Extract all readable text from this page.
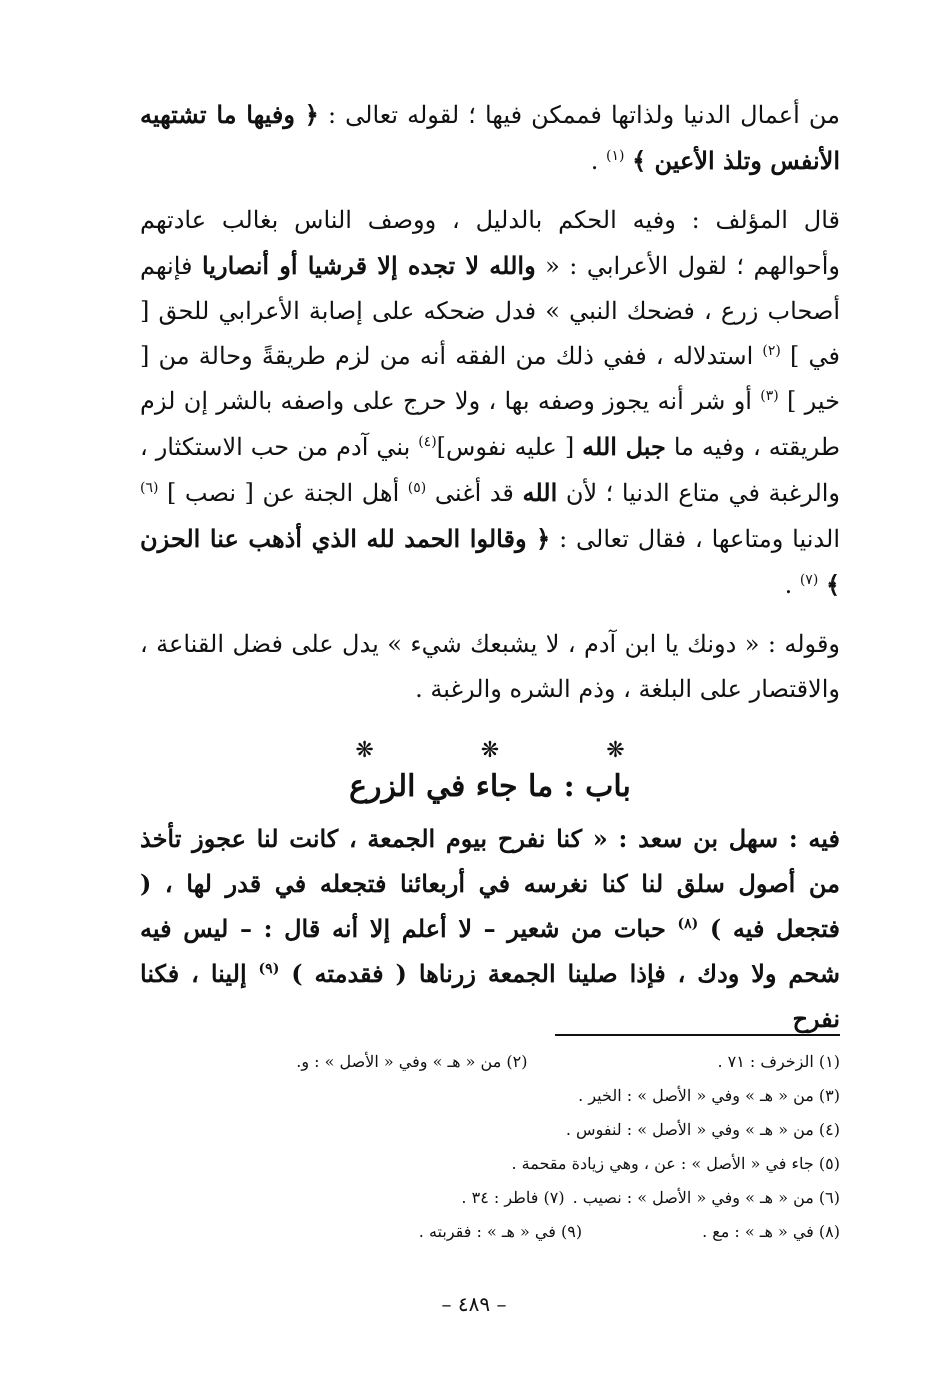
من أعمال الدنيا ولذاتها فممكن فيها ؛ لقوله تعالى : ﴿ وفيها ما تشتهيه الأنفس وتلذ الأعين ﴾ $^{(١)}$ .

قال المؤلف : وفيه الحكم بالدليل ، ووصف الناس بغالب عادتهم وأحوالهم ؛ لقول الأعرابي : « والله لا تجده إلا قرشيا أو أنصاريا فإنهم أصحاب زرع ، فضحك النبي » فدل ضحكه على إصابة الأعرابي للحق [ في ] $^{(٢)}$ استدلاله ، ففي ذلك من الفقه أنه من لزم طريقةً وحالة من [ خير ] $^{(٣)}$ أو شر أنه يجوز وصفه بها ، ولا حرج على واصفه بالشر إن لزم طريقته ، وفيه ما جبل الله [ عليه نفوس]$^{(٤)}$ بني آدم من حب الاستكثار ، والرغبة في متاع الدنيا ؛ لأن الله قد أغنى $^{(٥)}$ أهل الجنة عن [ نصب ] $^{(٦)}$ الدنيا ومتاعها ، فقال تعالى : ﴿ وقالوا الحمد لله الذي أذهب عنا الحزن ﴾ $^{(٧)}$ .

وقوله : « دونك يا ابن آدم ، لا يشبعك شيء » يدل على فضل القناعة ، والاقتصار على البلغة ، وذم الشره والرغبة .

❋ ❋ ❋
باب : ما جاء في الزرع

فيه : سهل بن سعد : « كنا نفرح بيوم الجمعة ، كانت لنا عجوز تأخذ من أصول سلق لنا كنا نغرسه في أربعائنا فتجعله في قدر لها ، ( فتجعل فيه ) $^{(٨)}$ حبات من شعير – لا أعلم إلا أنه قال : – ليس فيه شحم ولا ودك ، فإذا صلينا الجمعة زرناها ( فقدمته ) $^{(٩)}$ إلينا ، فكنا نفرح

(١) الزخرف : ٧١ .
(٢) من « هـ » وفي « الأصل » : و.
(٣) من « هـ » وفي « الأصل » : الخير .
(٤) من « هـ » وفي « الأصل » : لنفوس .
(٥) جاء في « الأصل » : عن ، وهي زيادة مقحمة .
(٦) من « هـ » وفي « الأصل » : نصيب .
(٧) فاطر : ٣٤ .
(٨) في « هـ » : مع .
(٩) في « هـ » : فقربته .
– ٤٨٩ –
